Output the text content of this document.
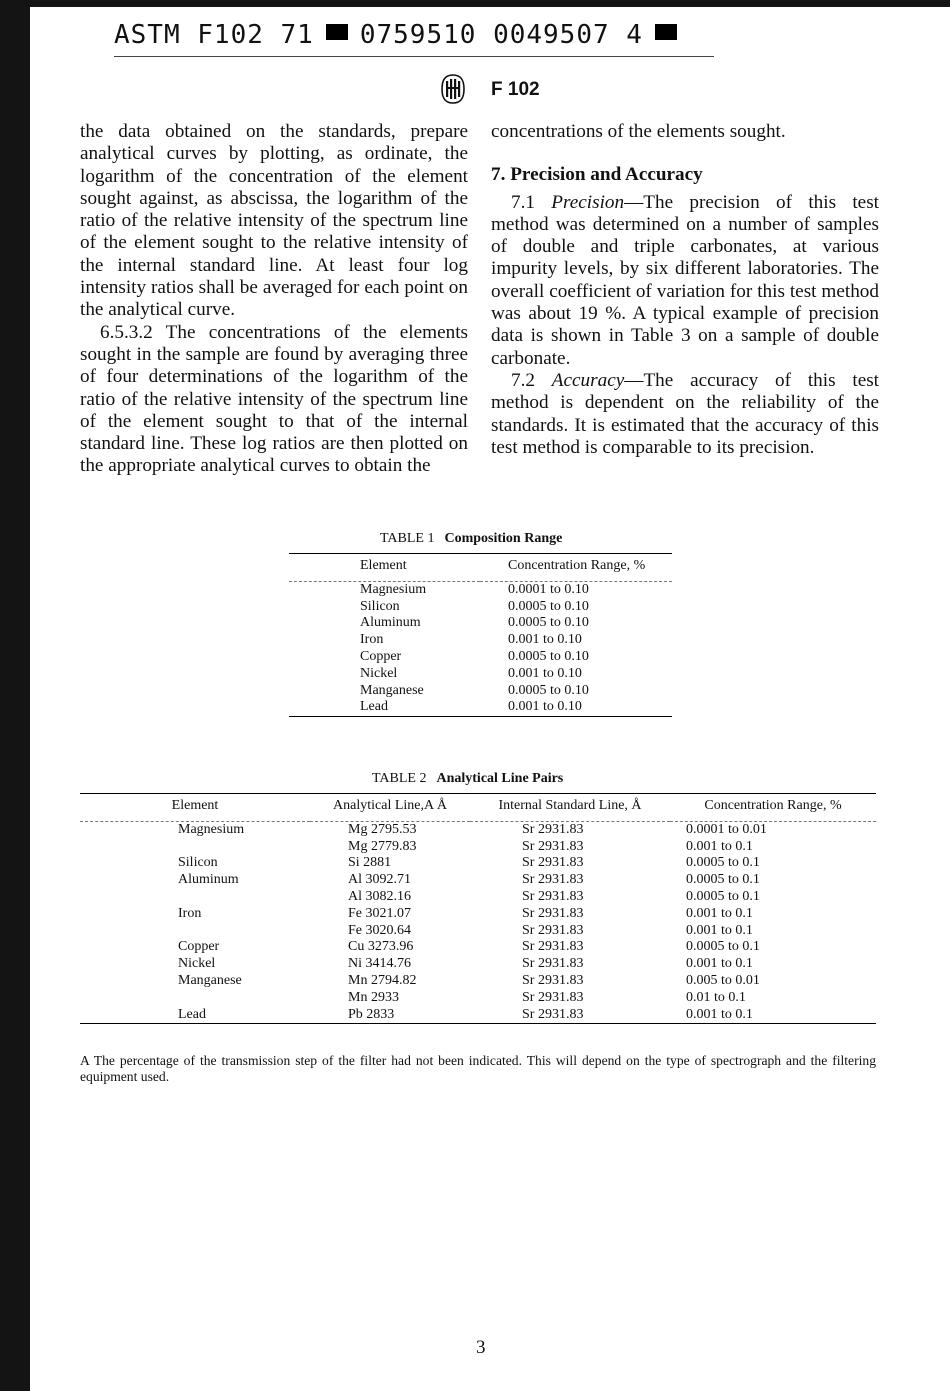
ASTM F102 71 0759510 0049507 4
F 102

the data obtained on the standards, prepare analytical curves by plotting, as ordinate, the logarithm of the concentration of the element sought against, as abscissa, the logarithm of the ratio of the relative intensity of the spectrum line of the element sought to the relative intensity of the internal standard line. At least four log intensity ratios shall be averaged for each point on the analytical curve.

6.5.3.2 The concentrations of the elements sought in the sample are found by averaging three of four determinations of the logarithm of the ratio of the relative intensity of the spectrum line of the element sought to that of the internal standard line. These log ratios are then plotted on the appropriate analytical curves to obtain the

concentrations of the elements sought.

7. Precision and Accuracy

7.1 Precision—The precision of this test method was determined on a number of samples of double and triple carbonates, at various impurity levels, by six different laboratories. The overall coefficient of variation for this test method was about 19 %. A typical example of precision data is shown in Table 3 on a sample of double carbonate.

7.2 Accuracy—The accuracy of this test method is dependent on the reliability of the standards. It is estimated that the accuracy of this test method is comparable to its precision.

TABLE 1 Composition Range
Element	Concentration Range, %
Magnesium	0.0001 to 0.10
Silicon	0.0005 to 0.10
Aluminum	0.0005 to 0.10
Iron	0.001 to 0.10
Copper	0.0005 to 0.10
Nickel	0.001 to 0.10
Manganese	0.0005 to 0.10
Lead	0.001 to 0.10
TABLE 2 Analytical Line Pairs
Element	Analytical Line,A Å	Internal Standard Line, Å	Concentration Range, %
Magnesium	Mg 2795.53	Sr 2931.83	0.0001 to 0.01
	Mg 2779.83	Sr 2931.83	0.001 to 0.1
Silicon	Si 2881	Sr 2931.83	0.0005 to 0.1
Aluminum	Al 3092.71	Sr 2931.83	0.0005 to 0.1
	Al 3082.16	Sr 2931.83	0.0005 to 0.1
Iron	Fe 3021.07	Sr 2931.83	0.001 to 0.1
	Fe 3020.64	Sr 2931.83	0.001 to 0.1
Copper	Cu 3273.96	Sr 2931.83	0.0005 to 0.1
Nickel	Ni 3414.76	Sr 2931.83	0.001 to 0.1
Manganese	Mn 2794.82	Sr 2931.83	0.005 to 0.01
	Mn 2933	Sr 2931.83	0.01 to 0.1
Lead	Pb 2833	Sr 2931.83	0.001 to 0.1
A The percentage of the transmission step of the filter had not been indicated. This will depend on the type of spectrograph and the filtering equipment used.
3
